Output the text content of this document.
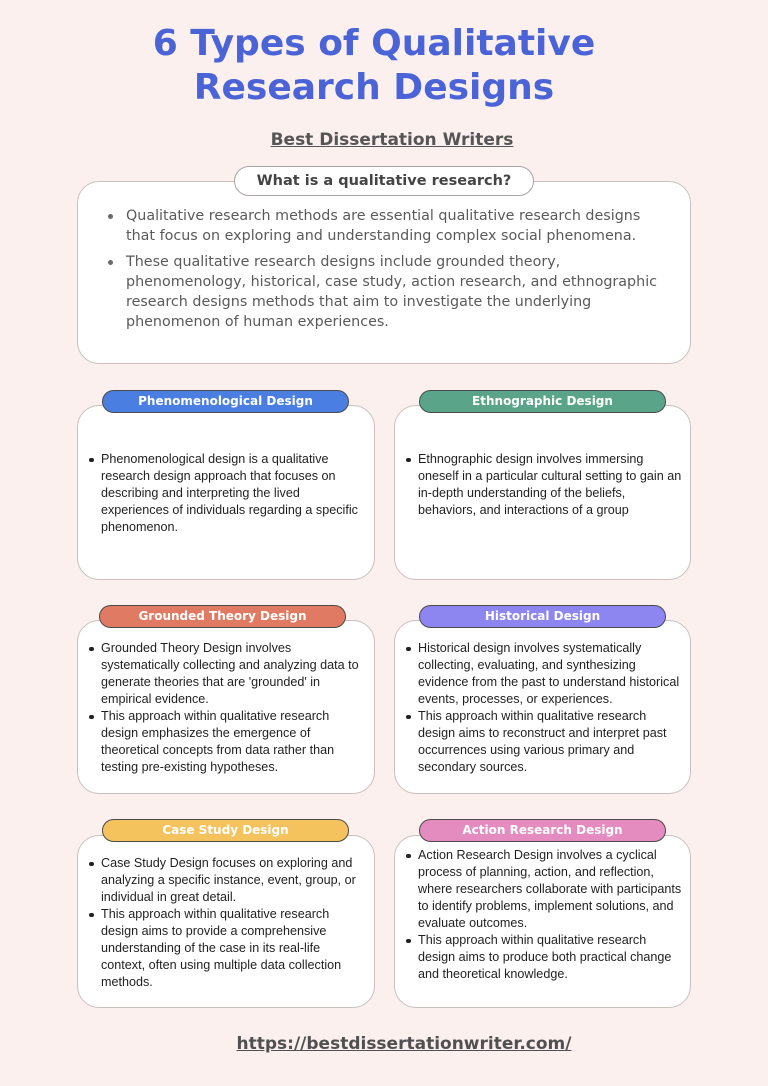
6 Types of Qualitative
Research Designs
Best Dissertation Writers
Qualitative research methods are essential qualitative research designs that focus on exploring and understanding complex social phenomena.
These qualitative research designs include grounded theory, phenomenology, historical, case study, action research, and ethnographic research designs methods that aim to investigate the underlying phenomenon of human experiences.
What is a qualitative research?
Phenomenological design is a qualitative research design approach that focuses on describing and interpreting the lived experiences of individuals regarding a specific phenomenon.
Phenomenological Design
Ethnographic design involves immersing oneself in a particular cultural setting to gain an in-depth understanding of the beliefs, behaviors, and interactions of a group
Ethnographic Design
Grounded Theory Design involves systematically collecting and analyzing data to generate theories that are 'grounded' in empirical evidence.
This approach within qualitative research design emphasizes the emergence of theoretical concepts from data rather than testing pre-existing hypotheses.
Grounded Theory Design
Historical design involves systematically collecting, evaluating, and synthesizing evidence from the past to understand historical events, processes, or experiences.
This approach within qualitative research design aims to reconstruct and interpret past occurrences using various primary and secondary sources.
Historical Design
Case Study Design focuses on exploring and analyzing a specific instance, event, group, or individual in great detail.
This approach within qualitative research design aims to provide a comprehensive understanding of the case in its real-life context, often using multiple data collection methods.
Case Study Design
Action Research Design involves a cyclical process of planning, action, and reflection, where researchers collaborate with participants to identify problems, implement solutions, and evaluate outcomes.
This approach within qualitative research design aims to produce both practical change and theoretical knowledge.
Action Research Design
https://bestdissertationwriter.com/
